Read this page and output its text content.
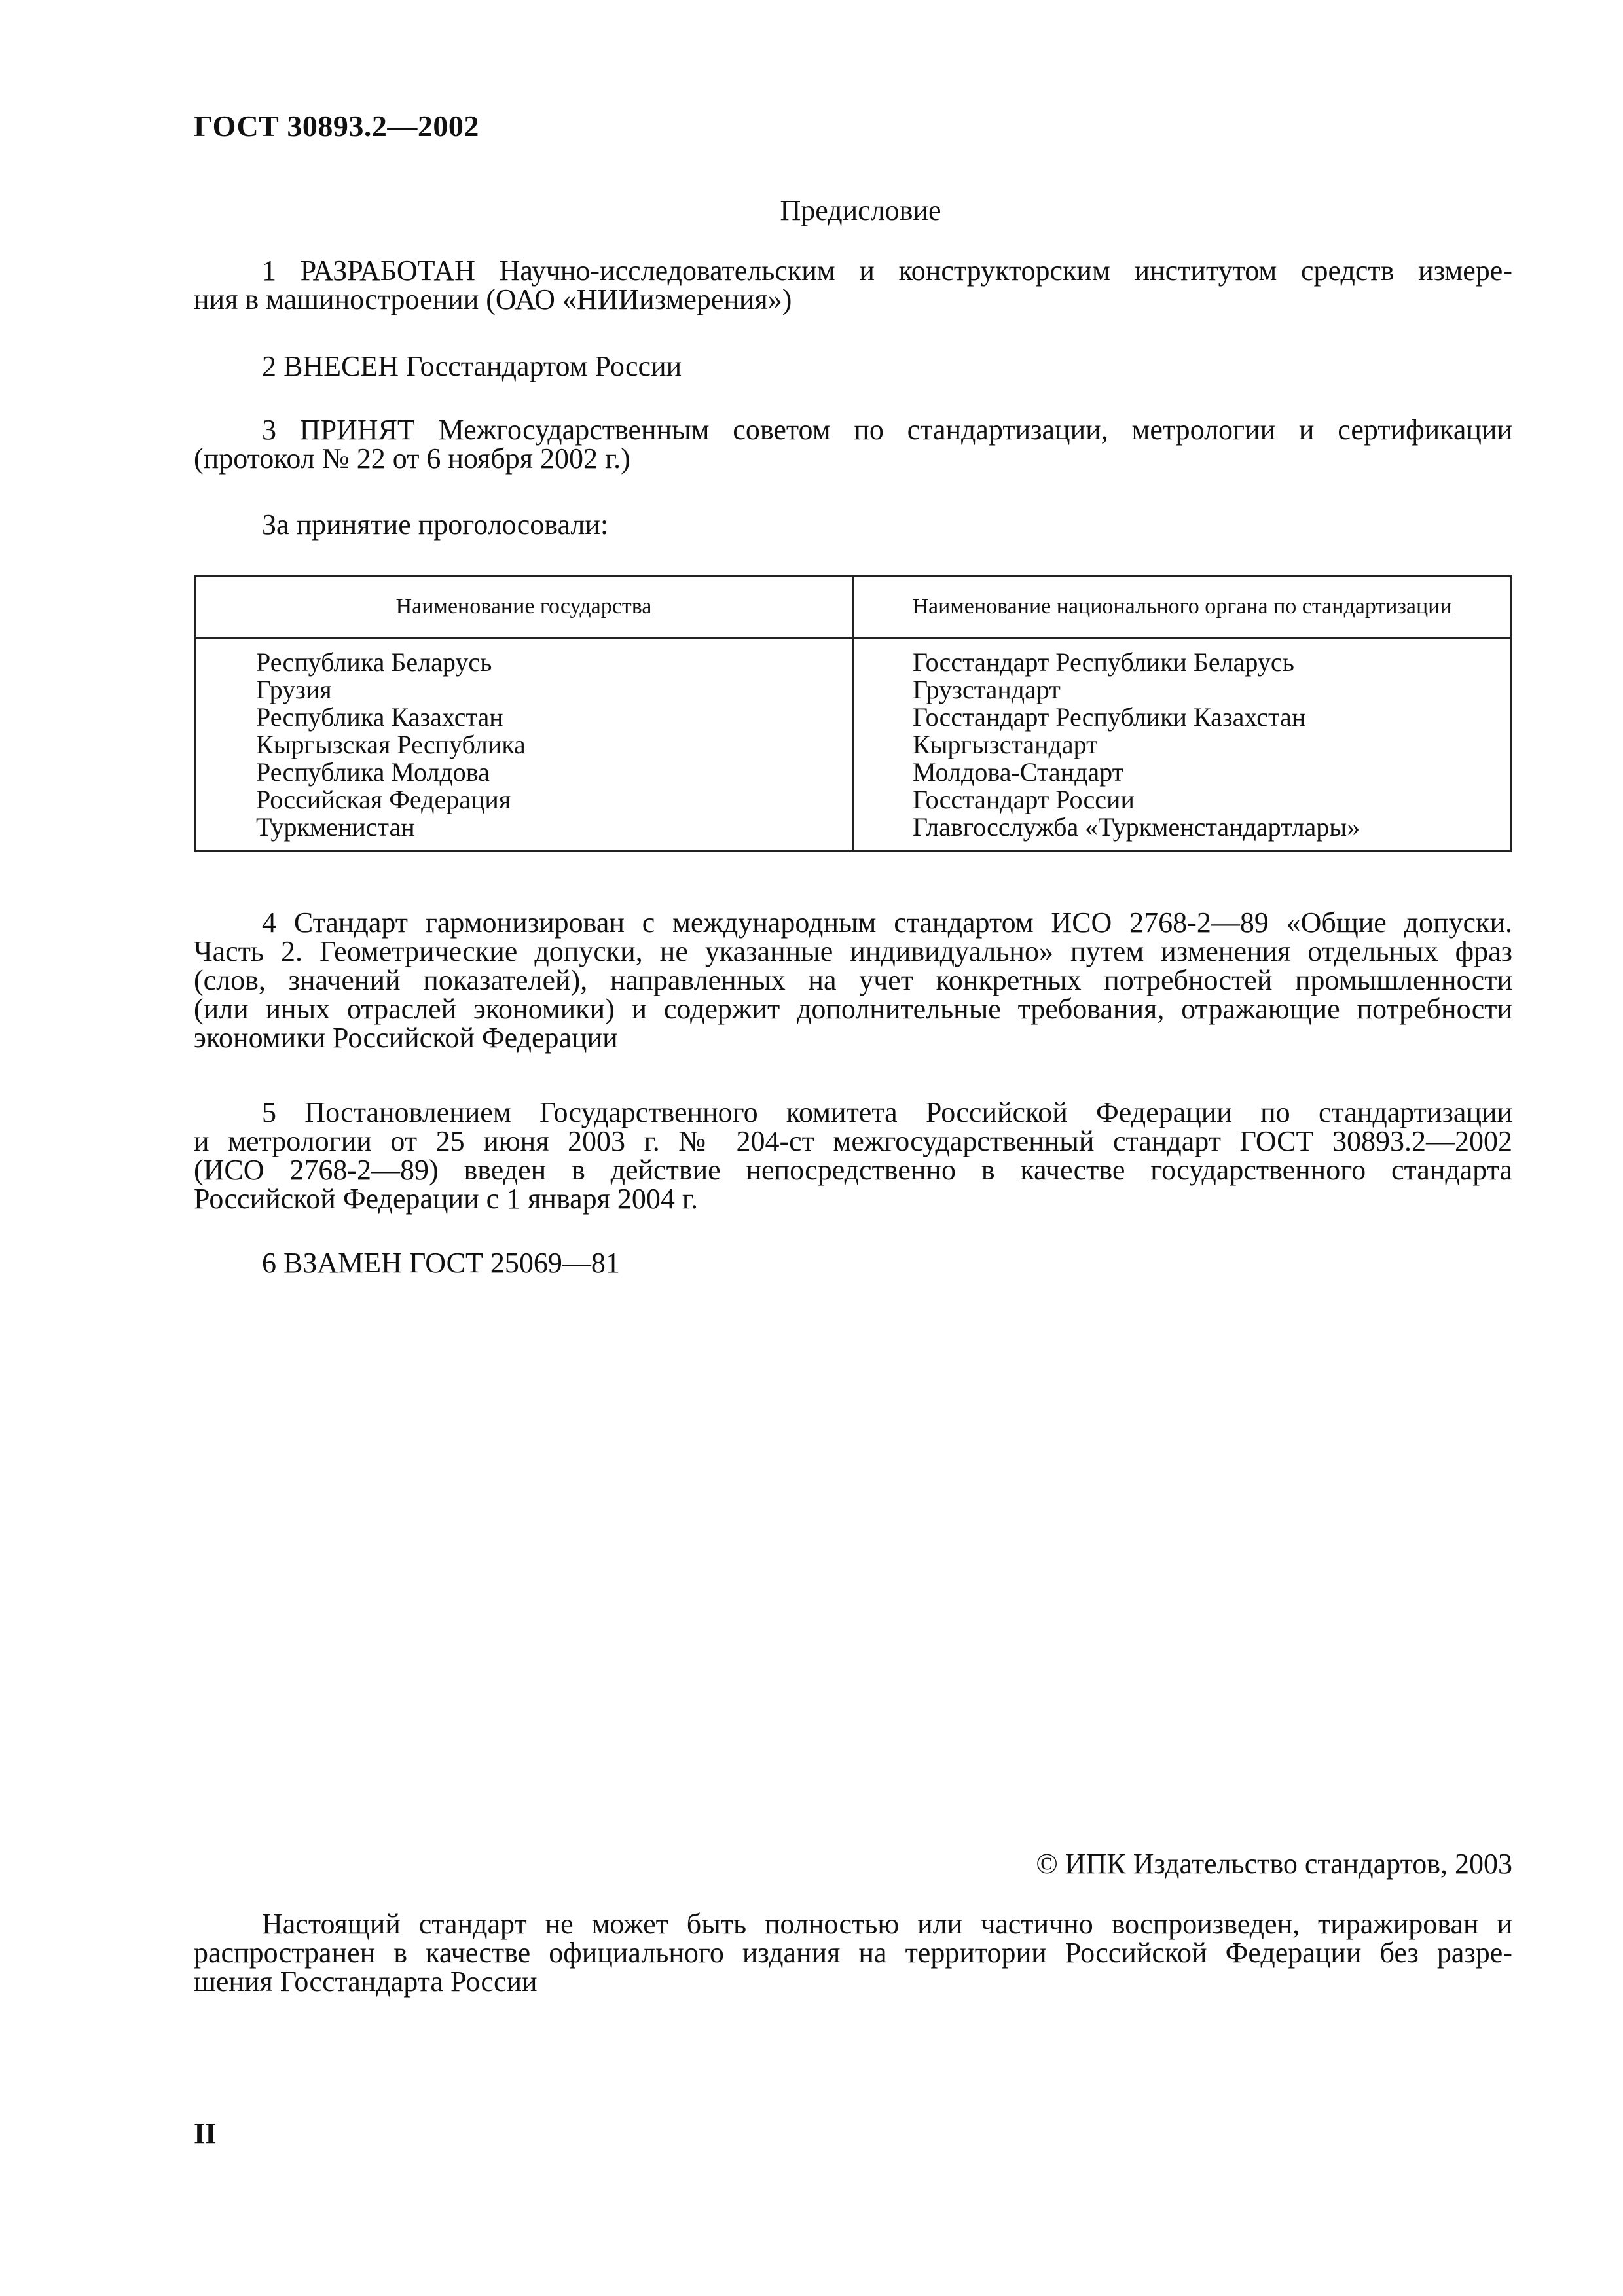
ГОСТ 30893.2—2002
Предисловие
1 РАЗРАБОТАН Научно-исследовательским и конструкторским институтом средств измере-
ния в машиностроении (ОАО «НИИизмерения»)
2 ВНЕСЕН Госстандартом России
3 ПРИНЯТ Межгосударственным советом по стандартизации, метрологии и сертификации
(протокол № 22 от 6 ноября 2002 г.)
За принятие проголосовали:
Наименование государства	Наименование национального органа по стандартизации
Республика Беларусь
Грузия
Республика Казахстан
Кыргызская Республика
Республика Молдова
Российская Федерация
Туркменистан
Госстандарт Республики Беларусь
Грузстандарт
Госстандарт Республики Казахстан
Кыргызстандарт
Молдова-Стандарт
Госстандарт России
Главгосслужба «Туркменстандартлары»
4 Стандарт гармонизирован с международным стандартом ИСО 2768-2—89 «Общие допуски.
Часть 2. Геометрические допуски, не указанные индивидуально» путем изменения отдельных фраз
(слов, значений показателей), направленных на учет конкретных потребностей промышленности
(или иных отраслей экономики) и содержит дополнительные требования, отражающие потребности
экономики Российской Федерации
5 Постановлением Государственного комитета Российской Федерации по стандартизации
и метрологии от 25 июня 2003 г. № 204-ст межгосударственный стандарт ГОСТ 30893.2—2002
(ИСО 2768-2—89) введен в действие непосредственно в качестве государственного стандарта
Российской Федерации с 1 января 2004 г.
6 ВЗАМЕН ГОСТ 25069—81
© ИПК Издательство стандартов, 2003
Настоящий стандарт не может быть полностью или частично воспроизведен, тиражирован и
распространен в качестве официального издания на территории Российской Федерации без разре-
шения Госстандарта России
II
